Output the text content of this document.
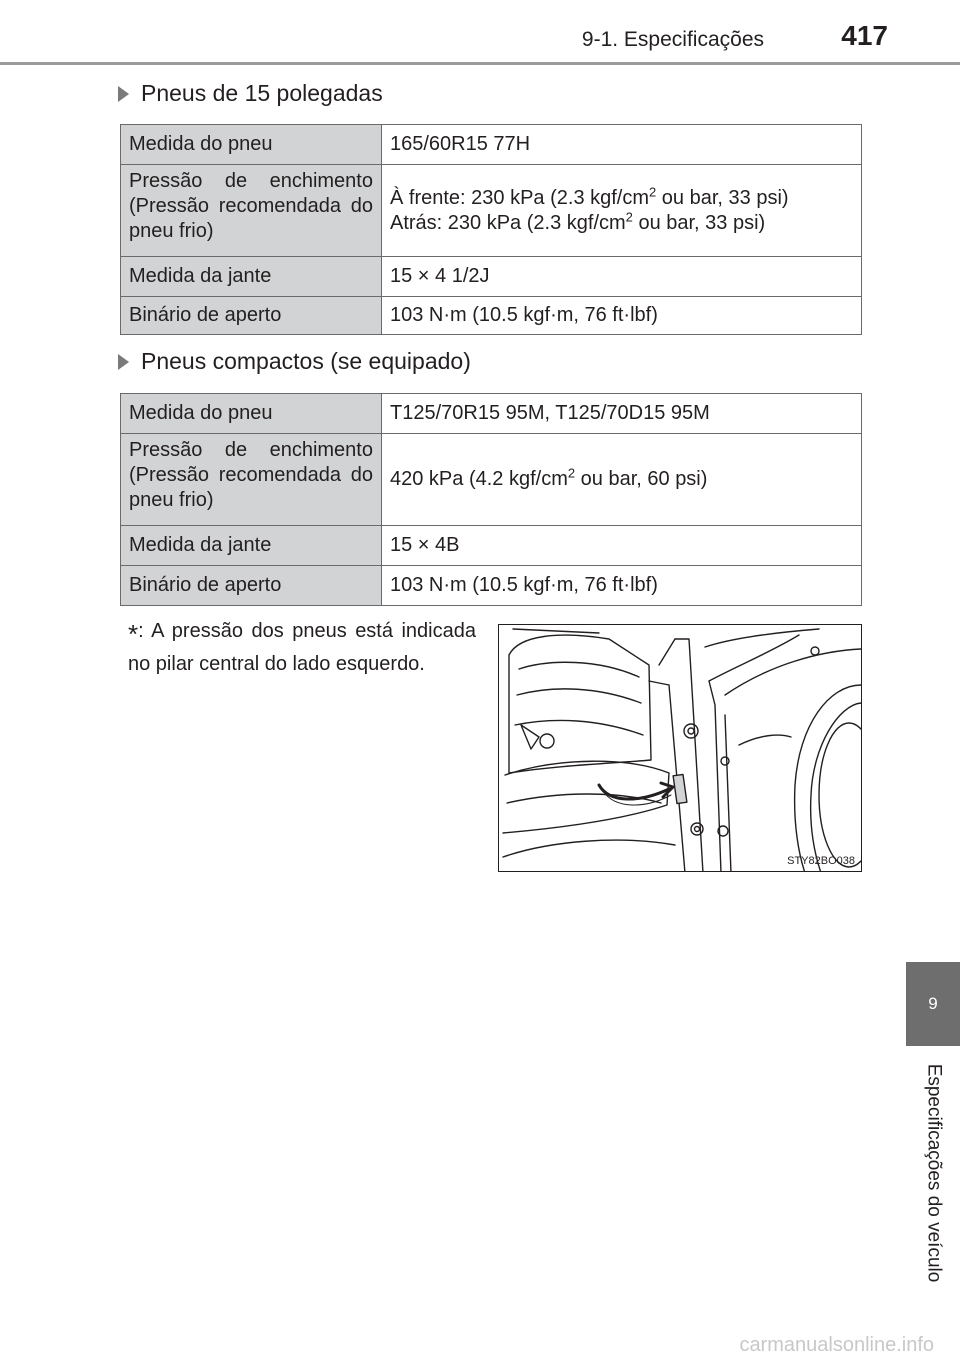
9-1. Especificações	417
9
Especificações do veículo
Pneus de 15 polegadas
Medida do pneu	165/60R15 77H
Pressão de enchimento (Pressão recomendada do pneu frio)	À frente: 230 kPa (2.3 kgf/$cm^2$ ou bar, 33 psi)
Atrás: 230 kPa (2.3 kgf/$cm^2$ ou bar, 33 psi)

Medida da jante	15 × 4 1/2J
Binário de aperto	103 N·m (10.5 kgf·m, 76 ft·lbf)
Pneus compactos (se equipado)
Medida do pneu	T125/70R15 95M, T125/70D15 95M
Pressão de enchimento (Pressão recomendada do pneu frio)	420 kPa (4.2 kgf/$cm^2$ ou bar, 60 psi)
Medida da jante	15 × 4B
Binário de aperto	103 N·m (10.5 kgf·m, 76 ft·lbf)
*: A pressão dos pneus está indicada no pilar central do lado esquerdo.
STY82BO038
carmanualsonline.info
